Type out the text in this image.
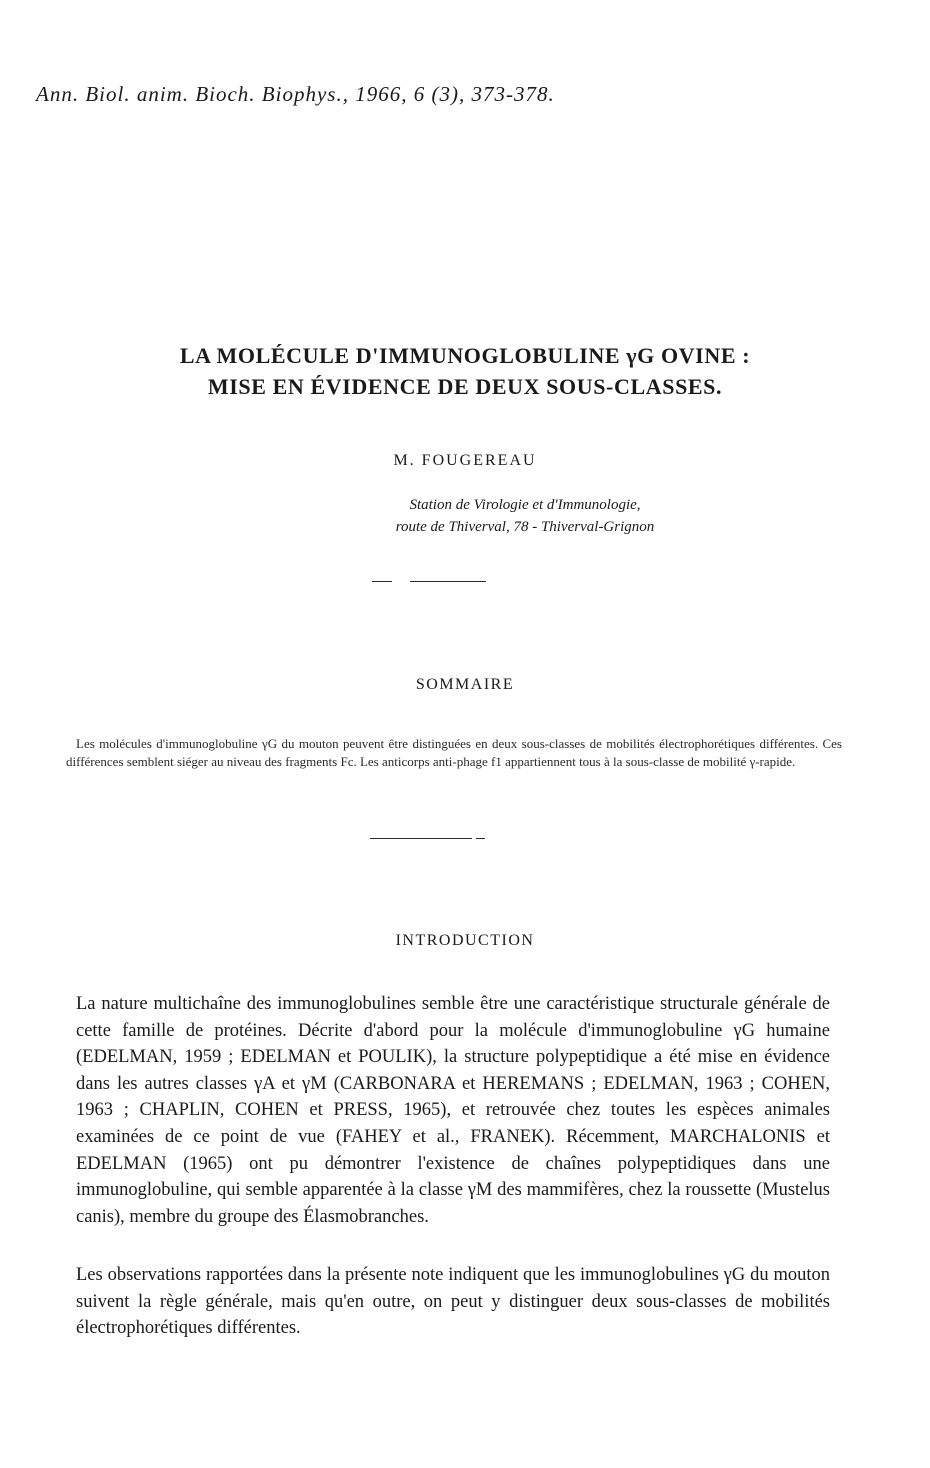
Ann. Biol. anim. Bioch. Biophys., 1966, 6 (3), 373-378.
LA MOLÉCULE D'IMMUNOGLOBULINE γG OVINE :
MISE EN ÉVIDENCE DE DEUX SOUS-CLASSES.
M. FOUGEREAU
Station de Virologie et d'Immunologie,
route de Thiverval, 78 - Thiverval-Grignon
SOMMAIRE
Les molécules d'immunoglobuline γG du mouton peuvent être distinguées en deux sous-classes de mobilités électrophorétiques différentes. Ces différences semblent siéger au niveau des fragments Fc. Les anticorps anti-phage f1 appartiennent tous à la sous-classe de mobilité γ-rapide.
INTRODUCTION
La nature multichaîne des immunoglobulines semble être une caractéristique structurale générale de cette famille de protéines. Décrite d'abord pour la molécule d'immunoglobuline γG humaine (EDELMAN, 1959 ; EDELMAN et POULIK), la structure polypeptidique a été mise en évidence dans les autres classes γA et γM (CARBONARA et HEREMANS ; EDELMAN, 1963 ; COHEN, 1963 ; CHAPLIN, COHEN et PRESS, 1965), et retrouvée chez toutes les espèces animales examinées de ce point de vue (FAHEY et al., FRANEK). Récemment, MARCHALONIS et EDELMAN (1965) ont pu démontrer l'existence de chaînes polypeptidiques dans une immunoglobuline, qui semble apparentée à la classe γM des mammifères, chez la roussette (Mustelus canis), membre du groupe des Élasmobranches.
Les observations rapportées dans la présente note indiquent que les immunoglobulines γG du mouton suivent la règle générale, mais qu'en outre, on peut y distinguer deux sous-classes de mobilités électrophorétiques différentes.
